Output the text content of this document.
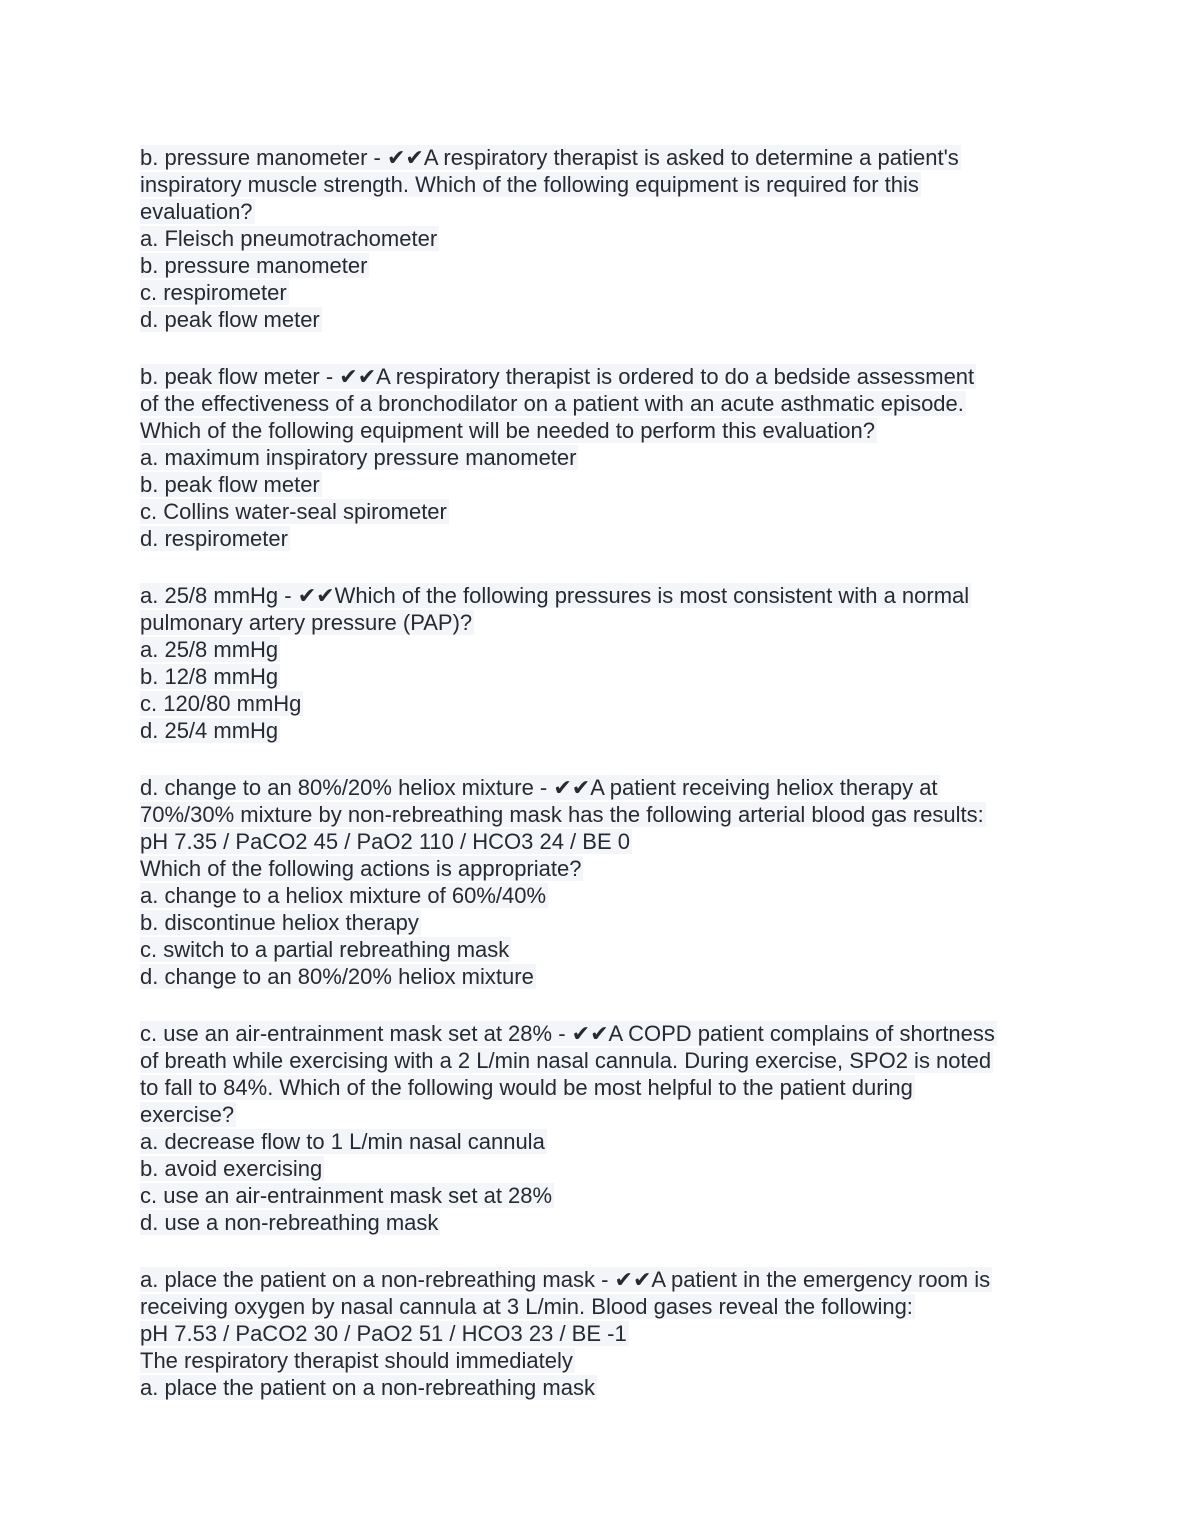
b. pressure manometer - ✔✔A respiratory therapist is asked to determine a patient's
inspiratory muscle strength. Which of the following equipment is required for this
evaluation?
a. Fleisch pneumotrachometer
b. pressure manometer
c. respirometer
d. peak flow meter
b. peak flow meter - ✔✔A respiratory therapist is ordered to do a bedside assessment
of the effectiveness of a bronchodilator on a patient with an acute asthmatic episode.
Which of the following equipment will be needed to perform this evaluation?
a. maximum inspiratory pressure manometer
b. peak flow meter
c. Collins water-seal spirometer
d. respirometer
a. 25/8 mmHg - ✔✔Which of the following pressures is most consistent with a normal
pulmonary artery pressure (PAP)?
a. 25/8 mmHg
b. 12/8 mmHg
c. 120/80 mmHg
d. 25/4 mmHg
d. change to an 80%/20% heliox mixture - ✔✔A patient receiving heliox therapy at
70%/30% mixture by non-rebreathing mask has the following arterial blood gas results:
pH 7.35 / PaCO2 45 / PaO2 110 / HCO3 24 / BE 0
Which of the following actions is appropriate?
a. change to a heliox mixture of 60%/40%
b. discontinue heliox therapy
c. switch to a partial rebreathing mask
d. change to an 80%/20% heliox mixture
c. use an air-entrainment mask set at 28% - ✔✔A COPD patient complains of shortness
of breath while exercising with a 2 L/min nasal cannula. During exercise, SPO2 is noted
to fall to 84%. Which of the following would be most helpful to the patient during
exercise?
a. decrease flow to 1 L/min nasal cannula
b. avoid exercising
c. use an air-entrainment mask set at 28%
d. use a non-rebreathing mask
a. place the patient on a non-rebreathing mask - ✔✔A patient in the emergency room is
receiving oxygen by nasal cannula at 3 L/min. Blood gases reveal the following:
pH 7.53 / PaCO2 30 / PaO2 51 / HCO3 23 / BE -1
The respiratory therapist should immediately
a. place the patient on a non-rebreathing mask
